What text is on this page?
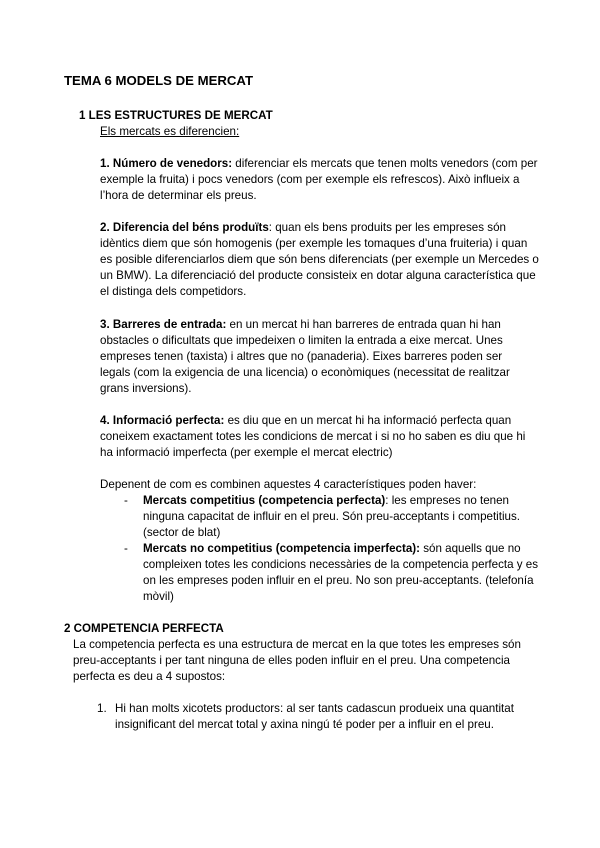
TEMA 6 MODELS DE MERCAT
1 LES ESTRUCTURES DE MERCAT
Els mercats es diferencien:

1. Número de venedors: diferenciar els mercats que tenen molts venedors (com per exemple la fruita) i pocs venedors (com per exemple els refrescos). Això influeix a l’hora de determinar els preus.

2. Diferencia del béns produïts: quan els bens produits per les empreses són idèntics diem que són homogenis (per exemple les tomaques d’una fruiteria) i quan es posible diferenciarlos diem que són bens diferenciats (per exemple un Mercedes o un BMW). La diferenciació del producte consisteix en dotar alguna característica que el distinga dels competidors.

3. Barreres de entrada: en un mercat hi han barreres de entrada quan hi han obstacles o dificultats que impedeixen o limiten la entrada a eixe mercat. Unes empreses tenen (taxista) i altres que no (panaderia). Eixes barreres poden ser legals (com la exigencia de una licencia) o econòmiques (necessitat de realitzar grans inversions).

4. Informació perfecta: es diu que en un mercat hi ha informació perfecta quan coneixem exactament totes les condicions de mercat i si no ho saben es diu que hi ha informació imperfecta (per exemple el mercat electric)

Depenent de com es combinen aquestes 4 característiques poden haver:
- Mercats competitius (competencia perfecta): les empreses no tenen ninguna capacitat de influir en el preu. Són preu-acceptants i competitius. (sector de blat)

- Mercats no competitius (competencia imperfecta): són aquells que no compleixen totes les condicions necessàries de la competencia perfecta y es on les empreses poden influir en el preu. No son preu-acceptants. (telefonía mòvil)

2 COMPETENCIA PERFECTA

La competencia perfecta es una estructura de mercat en la que totes les empreses són preu-acceptants i per tant ninguna de elles poden influir en el preu. Una competencia perfecta es deu a 4 supostos:

1. Hi han molts xicotets productors: al ser tants cadascun produeix una quantitat insignificant del mercat total y axina ningú té poder per a influir en el preu.
